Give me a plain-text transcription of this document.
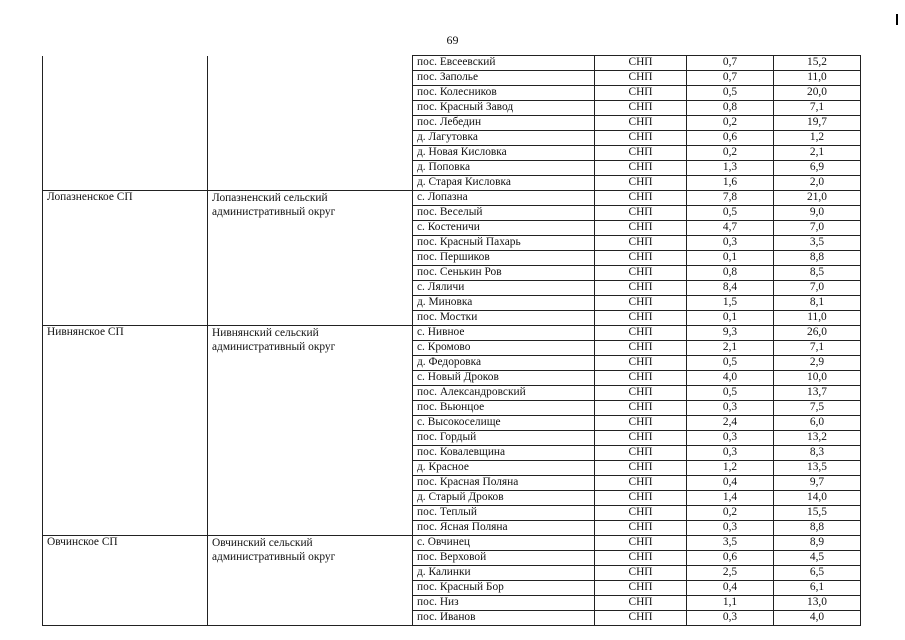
69
		пос. Евсеевский	СНП	0,7	15,2
		пос. Заполье	СНП	0,7	11,0
		пос. Колесников	СНП	0,5	20,0
		пос. Красный Завод	СНП	0,8	7,1
		пос. Лебедин	СНП	0,2	19,7
		д. Лагутовка	СНП	0,6	1,2
		д. Новая Кисловка	СНП	0,2	2,1
		д. Поповка	СНП	1,3	6,9
		д. Старая Кисловка	СНП	1,6	2,0
Лопазненское СП	Лопазненский сельский административный округ	с. Лопазна	СНП	7,8	21,0
		пос. Веселый	СНП	0,5	9,0
		с. Костеничи	СНП	4,7	7,0
		пос. Красный Пахарь	СНП	0,3	3,5
		пос. Першиков	СНП	0,1	8,8
		пос. Сенькин Ров	СНП	0,8	8,5
		с. Ляличи	СНП	8,4	7,0
		д. Миновка	СНП	1,5	8,1
		пос. Мостки	СНП	0,1	11,0
Нивнянское СП	Нивнянский сельский административный округ	с. Нивное	СНП	9,3	26,0
		с. Кромово	СНП	2,1	7,1
		д. Федоровка	СНП	0,5	2,9
		с. Новый Дроков	СНП	4,0	10,0
		пос. Александровский	СНП	0,5	13,7
		пос. Вьюнцое	СНП	0,3	7,5
		с. Высокоселище	СНП	2,4	6,0
		пос. Гордый	СНП	0,3	13,2
		пос. Ковалевщина	СНП	0,3	8,3
		д. Красное	СНП	1,2	13,5
		пос. Красная Поляна	СНП	0,4	9,7
		д. Старый Дроков	СНП	1,4	14,0
		пос. Теплый	СНП	0,2	15,5
		пос. Ясная Поляна	СНП	0,3	8,8
Овчинское СП	Овчинский сельский административный округ	с. Овчинец	СНП	3,5	8,9
		пос. Верховой	СНП	0,6	4,5
		д. Калинки	СНП	2,5	6,5
		пос. Красный Бор	СНП	0,4	6,1
		пос. Низ	СНП	1,1	13,0
		пос. Иванов	СНП	0,3	4,0
